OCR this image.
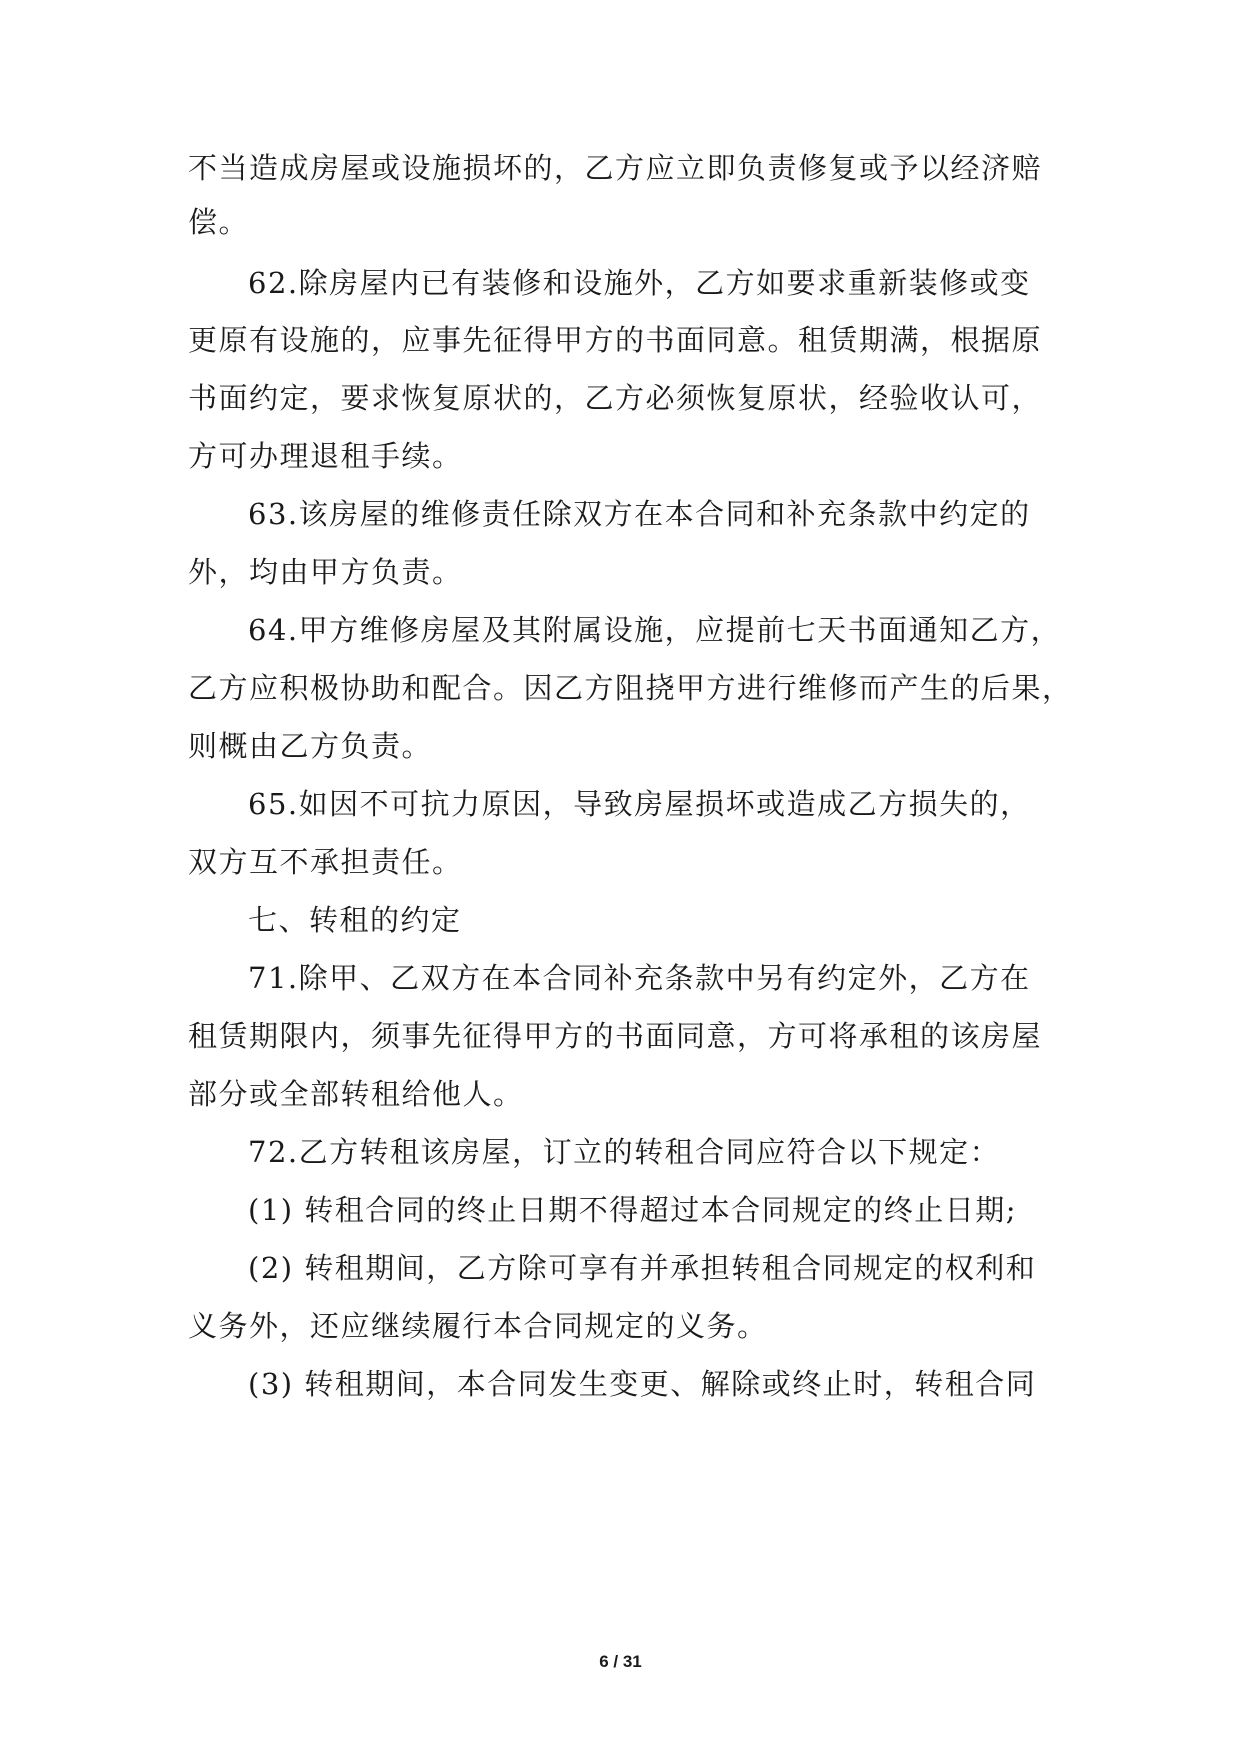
不当造成房屋或设施损坏的，乙方应立即负责修复或予以经济赔
偿。
62.除房屋内已有装修和设施外，乙方如要求重新装修或变
更原有设施的，应事先征得甲方的书面同意。租赁期满，根据原
书面约定，要求恢复原状的，乙方必须恢复原状，经验收认可，
方可办理退租手续。
63.该房屋的维修责任除双方在本合同和补充条款中约定的
外，均由甲方负责。
64.甲方维修房屋及其附属设施，应提前七天书面通知乙方，
乙方应积极协助和配合。因乙方阻挠甲方进行维修而产生的后果，
则概由乙方负责。
65.如因不可抗力原因，导致房屋损坏或造成乙方损失的，
双方互不承担责任。
七、转租的约定
71.除甲、乙双方在本合同补充条款中另有约定外，乙方在
租赁期限内，须事先征得甲方的书面同意，方可将承租的该房屋
部分或全部转租给他人。
72.乙方转租该房屋，订立的转租合同应符合以下规定：
(1) 转租合同的终止日期不得超过本合同规定的终止日期;
(2) 转租期间，乙方除可享有并承担转租合同规定的权利和
义务外，还应继续履行本合同规定的义务。
(3) 转租期间，本合同发生变更、解除或终止时，转租合同
6 / 31
